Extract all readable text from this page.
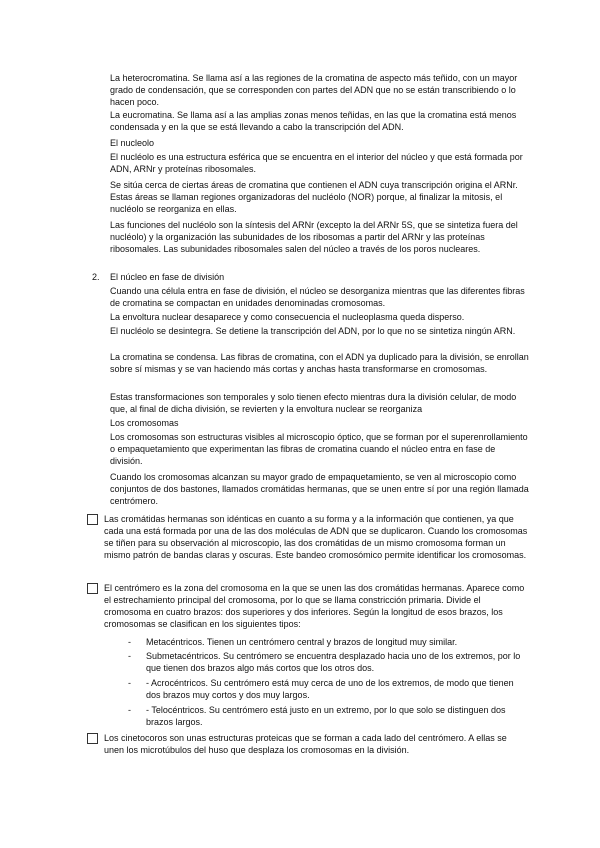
La heterocromatina. Se llama así a las regiones de la cromatina de aspecto más teñido, con un mayor grado de condensación, que se corresponden con partes del ADN que no se están transcribiendo o lo hacen poco.

La eucromatina. Se llama así a las amplias zonas menos teñidas, en las que la cromatina está menos condensada y en la que se está llevando a cabo la transcripción del ADN.

El nucleolo

El nucléolo es una estructura esférica que se encuentra en el interior del núcleo y que está formada por ADN, ARNr y proteínas ribosomales.

Se sitúa cerca de ciertas áreas de cromatina que contienen el ADN cuya transcripción origina el ARNr. Estas áreas se llaman regiones organizadoras del nucléolo (NOR) porque, al finalizar la mitosis, el nucléolo se reorganiza en ellas.

Las funciones del nucléolo son la síntesis del ARNr (excepto la del ARNr 5S, que se sintetiza fuera del nucléolo) y la organización las subunidades de los ribosomas a partir del ARNr y las proteínas ribosomales. Las subunidades ribosomales salen del núcleo a través de los poros nucleares.

2. El núcleo en fase de división

Cuando una célula entra en fase de división, el núcleo se desorganiza mientras que las diferentes fibras de cromatina se compactan en unidades denominadas cromosomas.

La envoltura nuclear desaparece y como consecuencia el nucleoplasma queda disperso.

El nucléolo se desintegra. Se detiene la transcripción del ADN, por lo que no se sintetiza ningún ARN.

La cromatina se condensa. Las fibras de cromatina, con el ADN ya duplicado para la división, se enrollan sobre sí mismas y se van haciendo más cortas y anchas hasta transformarse en cromosomas.

Estas transformaciones son temporales y solo tienen efecto mientras dura la división celular, de modo que, al final de dicha división, se revierten y la envoltura nuclear se reorganiza

Los cromosomas

Los cromosomas son estructuras visibles al microscopio óptico, que se forman por el superenrollamiento o empaquetamiento que experimentan las fibras de cromatina cuando el núcleo entra en fase de división.

Cuando los cromosomas alcanzan su mayor grado de empaquetamiento, se ven al microscopio como conjuntos de dos bastones, llamados cromátidas hermanas, que se unen entre sí por una región llamada centrómero.

Las cromátidas hermanas son idénticas en cuanto a su forma y a la información que contienen, ya que cada una está formada por una de las dos moléculas de ADN que se duplicaron. Cuando los cromosomas se tiñen para su observación al microscopio, las dos cromátidas de un mismo cromosoma forman un mismo patrón de bandas claras y oscuras. Este bandeo cromosómico permite identificar los cromosomas.

El centrómero es la zona del cromosoma en la que se unen las dos cromátidas hermanas. Aparece como el estrechamiento principal del cromosoma, por lo que se llama constricción primaria. Divide el cromosoma en cuatro brazos: dos superiores y dos inferiores. Según la longitud de esos brazos, los cromosomas se clasifican en los siguientes tipos:

- Metacéntricos. Tienen un centrómero central y brazos de longitud muy similar.

- Submetacéntricos. Su centrómero se encuentra desplazado hacia uno de los extremos, por lo que tienen dos brazos algo más cortos que los otros dos.

- - Acrocéntricos. Su centrómero está muy cerca de uno de los extremos, de modo que tienen dos brazos muy cortos y dos muy largos.

- - Telocéntricos. Su centrómero está justo en un extremo, por lo que solo se distinguen dos brazos largos.

Los cinetocoros son unas estructuras proteicas que se forman a cada lado del centrómero. A ellas se unen los microtúbulos del huso que desplaza los cromosomas en la división.
